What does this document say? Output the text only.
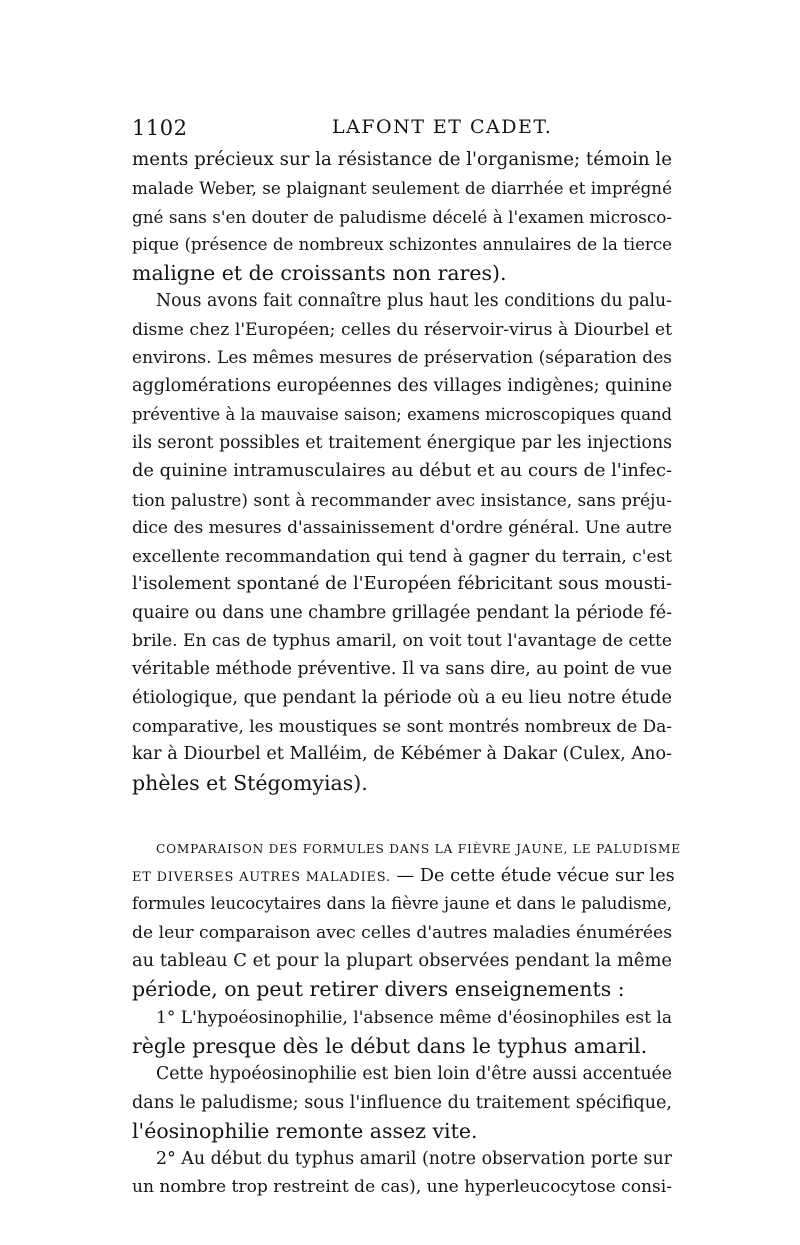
1102	LAFONT ET CADET.
ments précieux sur la résistance de l'organisme; témoin le
malade Weber, se plaignant seulement de diarrhée et imprégné
gné sans s'en douter de paludisme décelé à l'examen microsco-
pique (présence de nombreux schizontes annulaires de la tierce
maligne et de croissants non rares).
Nous avons fait connaître plus haut les conditions du palu-
disme chez l'Européen; celles du réservoir-virus à Diourbel et
environs. Les mêmes mesures de préservation (séparation des
agglomérations européennes des villages indigènes; quinine
préventive à la mauvaise saison; examens microscopiques quand
ils seront possibles et traitement énergique par les injections
de quinine intramusculaires au début et au cours de l'infec-
tion palustre) sont à recommander avec insistance, sans préju-
dice des mesures d'assainissement d'ordre général. Une autre
excellente recommandation qui tend à gagner du terrain, c'est
l'isolement spontané de l'Européen fébricitant sous mousti-
quaire ou dans une chambre grillagée pendant la période fé-
brile. En cas de typhus amaril, on voit tout l'avantage de cette
véritable méthode préventive. Il va sans dire, au point de vue
étiologique, que pendant la période où a eu lieu notre étude
comparative, les moustiques se sont montrés nombreux de Da-
kar à Diourbel et Malléim, de Kébémer à Dakar (Culex, Ano-
phèles et Stégomyias).
COMPARAISON DES FORMULES DANS LA FIÈVRE JAUNE, LE PALUDISME
ET DIVERSES AUTRES MALADIES. — De cette étude vécue sur les
formules leucocytaires dans la fièvre jaune et dans le paludisme,
de leur comparaison avec celles d'autres maladies énumérées
au tableau C et pour la plupart observées pendant la même
période, on peut retirer divers enseignements :
1° L'hypoéosinophilie, l'absence même d'éosinophiles est la
règle presque dès le début dans le typhus amaril.
Cette hypoéosinophilie est bien loin d'être aussi accentuée
dans le paludisme; sous l'influence du traitement spécifique,
l'éosinophilie remonte assez vite.
2° Au début du typhus amaril (notre observation porte sur
un nombre trop restreint de cas), une hyperleucocytose consi-
